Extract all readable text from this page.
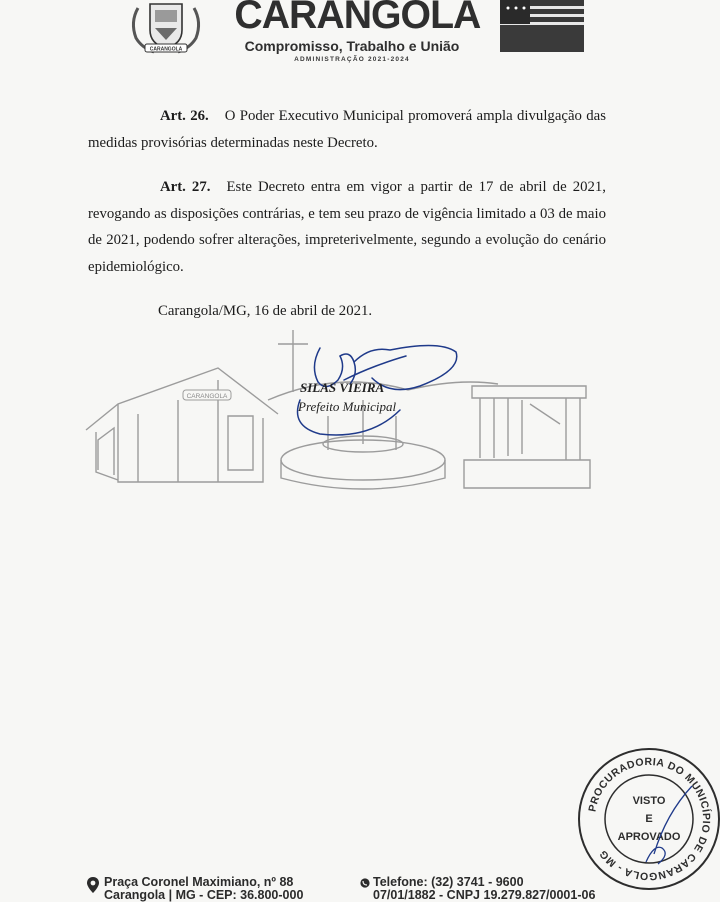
CARANGOLA
CARANGOLA
Compromisso, Trabalho e União
ADMINISTRAÇÃO 2021-2024
Art. 26. O Poder Executivo Municipal promoverá ampla divulgação das medidas provisórias determinadas neste Decreto.
Art. 27. Este Decreto entra em vigor a partir de 17 de abril de 2021, revogando as disposições contrárias, e tem seu prazo de vigência limitado a 03 de maio de 2021, podendo sofrer alterações, impreterivelmente, segundo a evolução do cenário epidemiológico.
Carangola/MG, 16 de abril de 2021.
CARANGOLA
SILAS VIEIRA
Prefeito Municipal
PROCURADORIA DO MUNICÍPIO DE CARANGOLA - MG
VISTO
E
APROVADO
Praça Coronel Maximiano, nº 88
Carangola | MG - CEP: 36.800-000
Telefone: (32) 3741 - 9600
07/01/1882 - CNPJ 19.279.827/0001-06
